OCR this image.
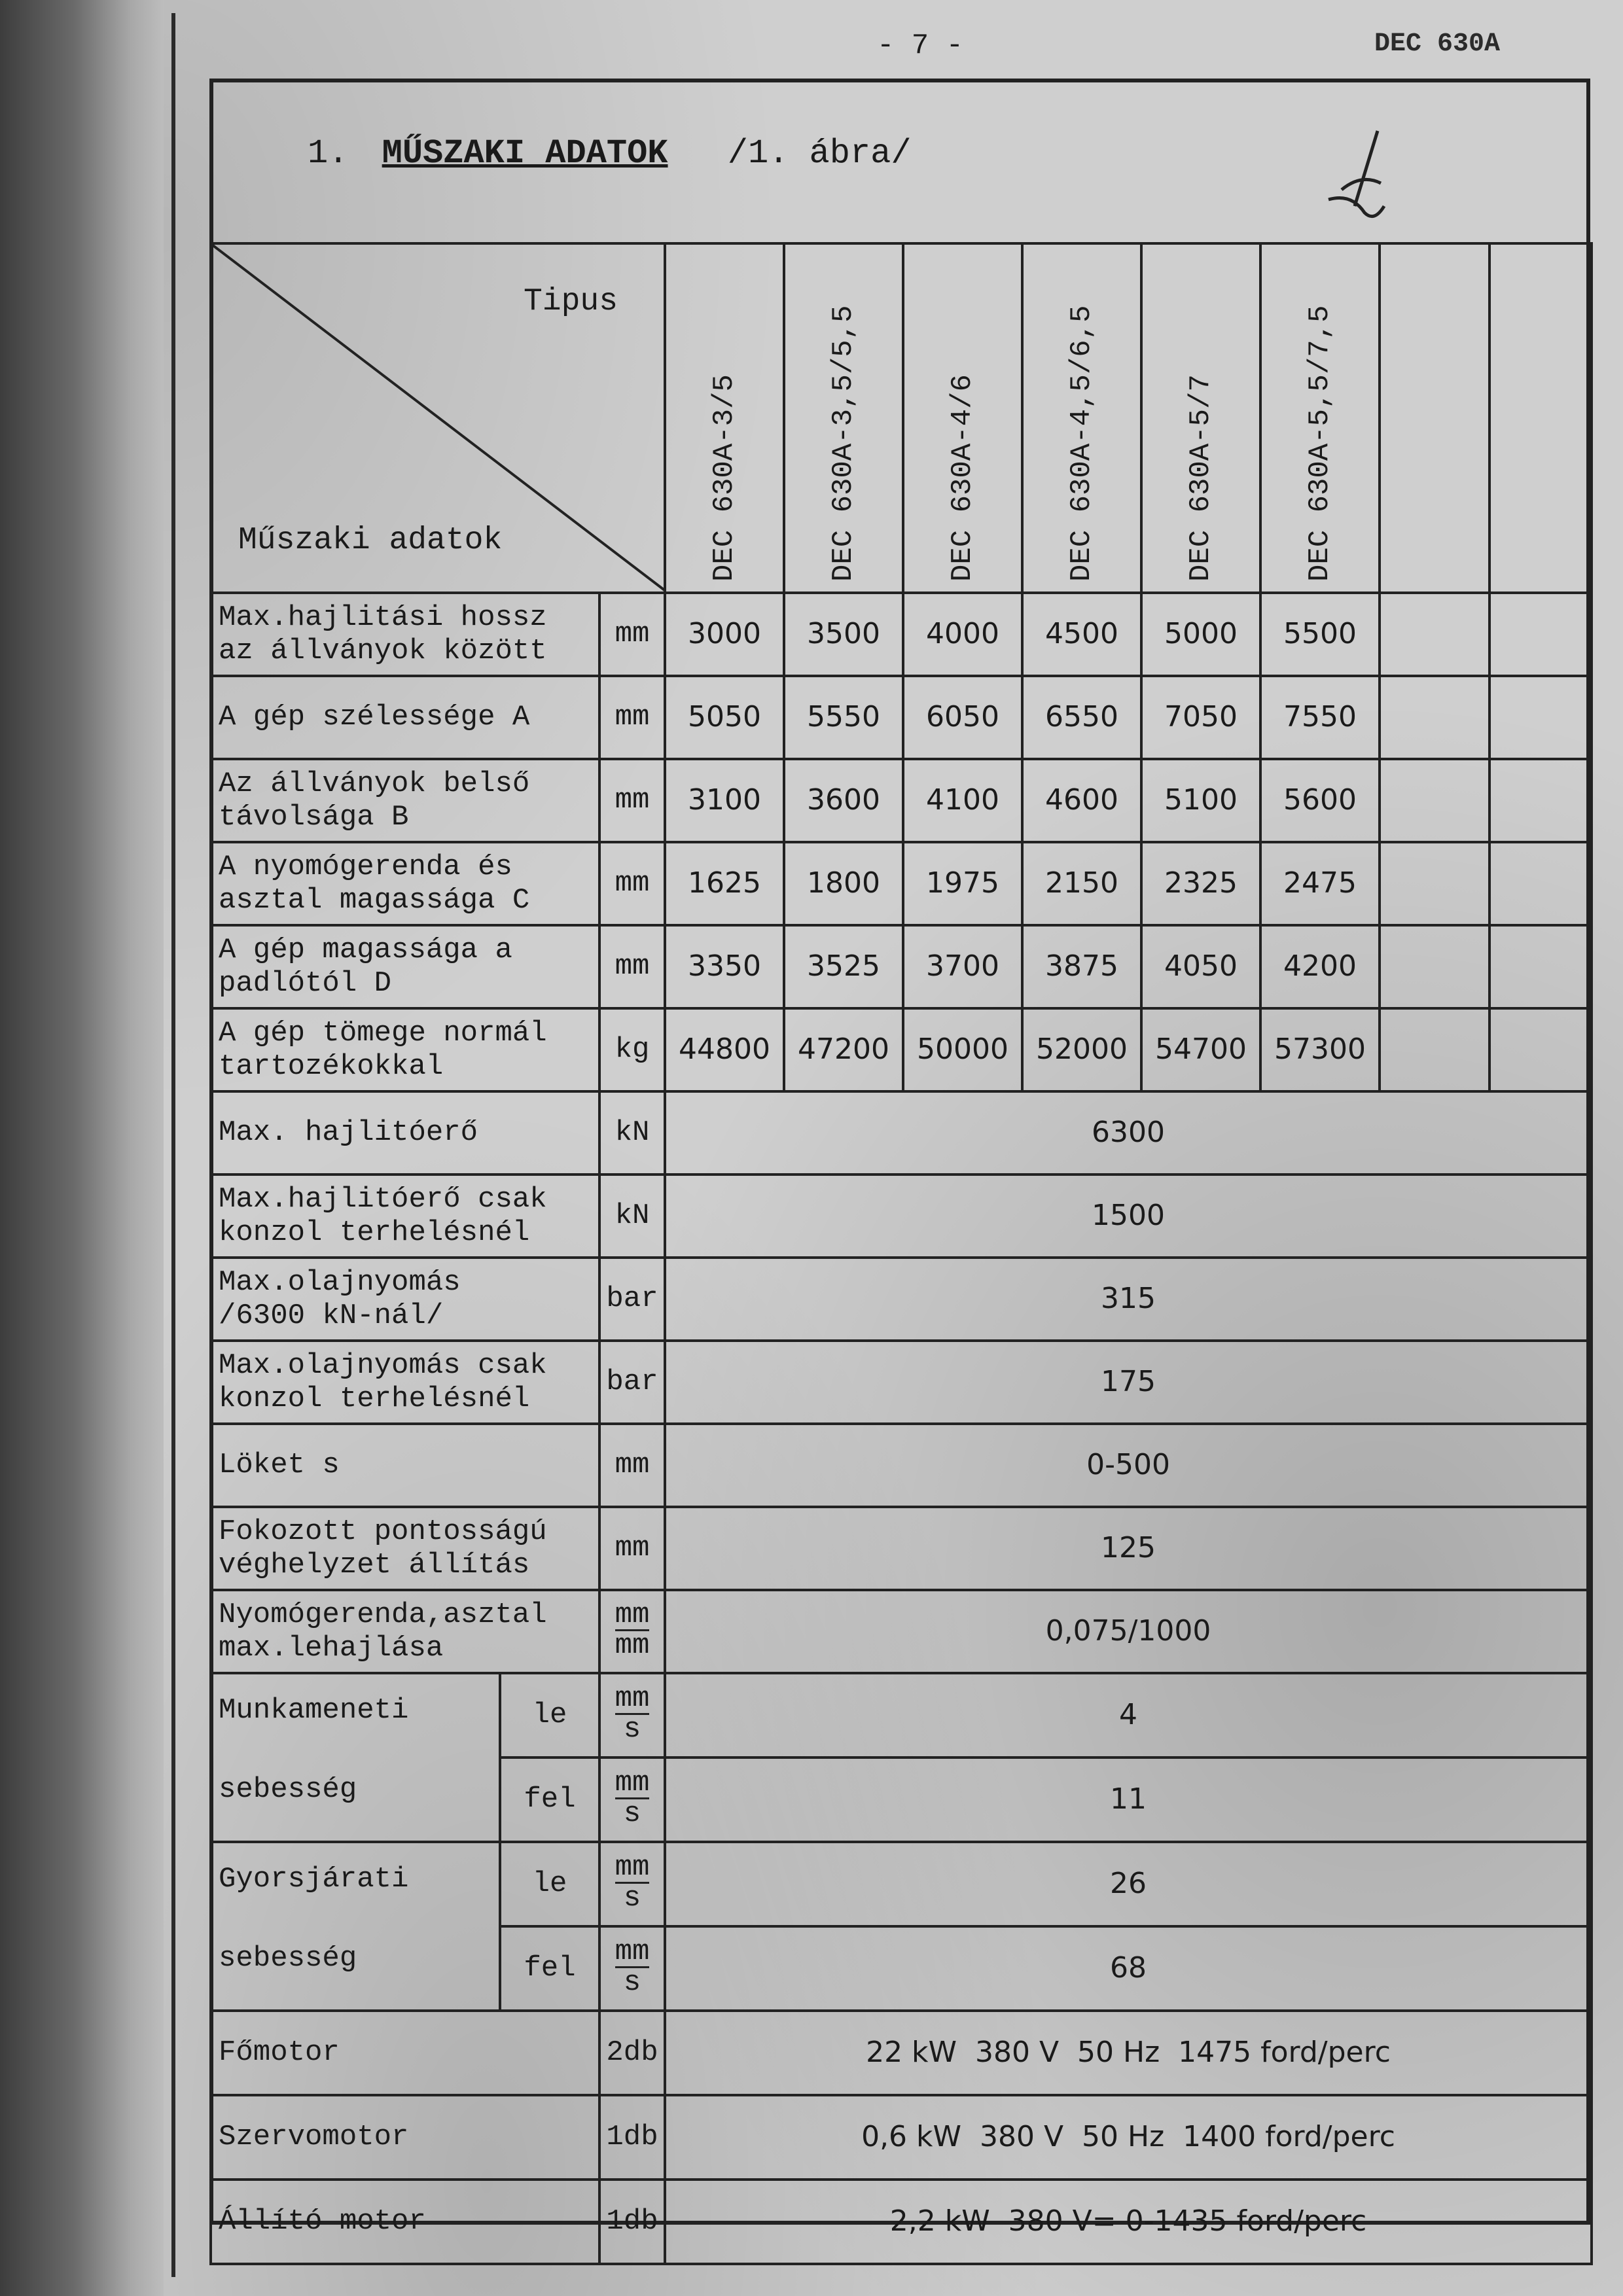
- 7 -	DEC 630A
1. MŰSZAKI ADATOK /1. ábra/
Tipus
Műszaki adatok			DEC 630A-3/5	DEC 630A-3,5/5,5	DEC 630A-4/6	DEC 630A-4,5/6,5	DEC 630A-5/7	DEC 630A-5,5/7,5		

Max.hajlitási hossz
az állványok között		mm	3000	3500	4000	4500	5000	5500		

A gép szélessége A		mm	5050	5550	6050	6550	7050	7550		

Az állványok belső
távolsága B		mm	3100	3600	4100	4600	5100	5600		

A nyomógerenda és
asztal magassága C		mm	1625	1800	1975	2150	2325	2475		

A gép magassága a
padlótól D		mm	3350	3525	3700	3875	4050	4200		

A gép tömege normál
tartozékokkal		kg	44800	47200	50000	52000	54700	57300		

Max. hajlitóerő		kN	6300							

Max.hajlitóerő csak
konzol terhelésnél		kN	1500							

Max.olajnyomás
/6300 kN-nál/		bar	315							

Max.olajnyomás csak
konzol terhelésnél		bar	175							

Löket s		mm	0-500							

Fokozott pontosságú
véghelyzet állítás		mm	125							

Nyomógerenda,asztal
max.lehajlása		$\frac{mm}{mm}$	0,075/1000							

Munkameneti
sebesség	le	$\frac{mm}{s}$	4							
	fel	$\frac{mm}{s}$	11							

Gyorsjárati
sebesség	le	$\frac{mm}{s}$	26							
	fel	$\frac{mm}{s}$	68							
Főmotor		2db	22 kW  380 V  50 Hz  1475 ford/perc							
Szervomotor		1db	0,6 kW  380 V  50 Hz  1400 ford/perc							
Állító motor		1db	2,2 kW  380 V= 0-1435 ford/perc							
